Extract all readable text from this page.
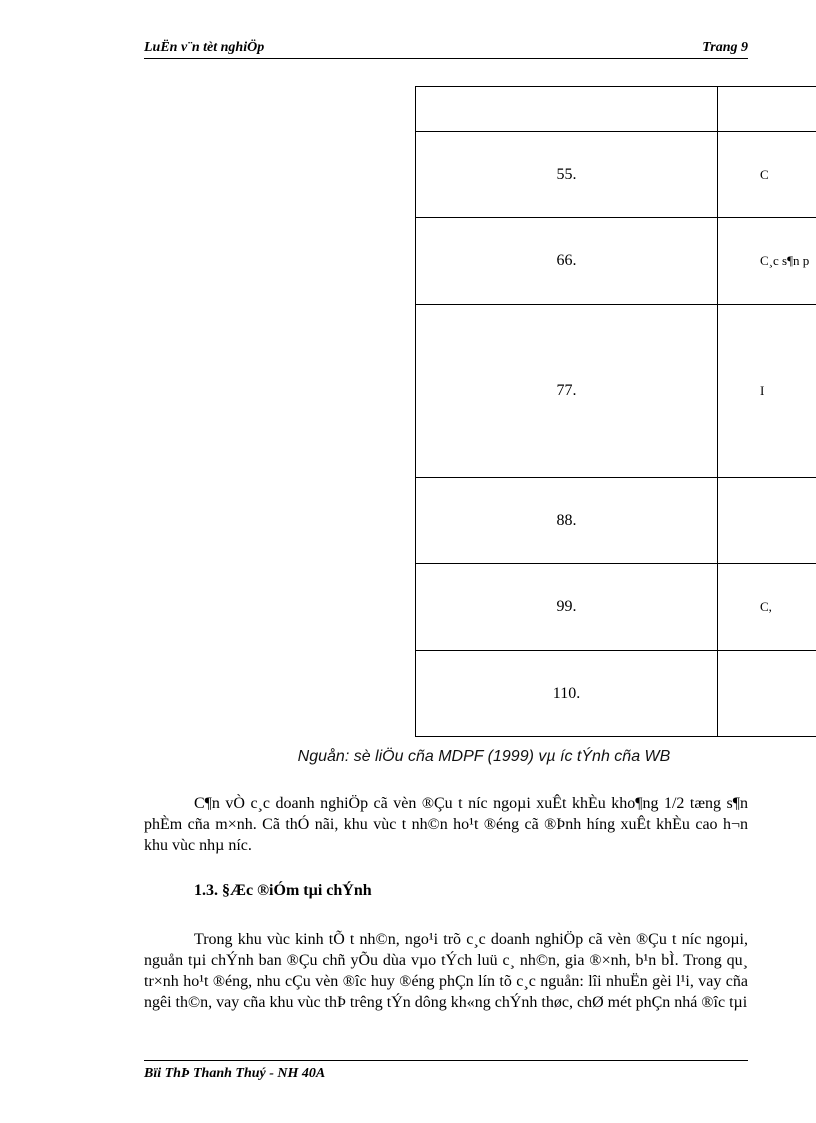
LuËn v¨n tèt nghiÖp	Trang 9

55.	C
66.	C¸c s¶n p
77.	I
88.	
99.	C,
110.	
Nguån: sè liÖu cña MDPF (1999) vµ íc tÝnh cña WB
C¶n vÒ c¸c doanh nghiÖp cã vèn ®Çu t níc ngoµi xuÊt khÈu kho¶ng 1/2 tæng s¶n phÈm cña m×nh. Cã thÓ nãi, khu vùc t nh©n ho¹t ®éng cã ®Þnh híng xuÊt khÈu cao h¬n khu vùc nhµ níc.
1.3. §Æc ®iÓm tµi chÝnh
Trong khu vùc kinh tÕ t nh©n, ngo¹i trõ c¸c doanh nghiÖp cã vèn ®Çu t níc ngoµi, nguån tµi chÝnh ban ®Çu chñ yÕu dùa vµo tÝch luü c¸ nh©n, gia ®×nh, b¹n bÌ. Trong qu¸ tr×nh ho¹t ®éng, nhu cÇu vèn ®îc huy ®éng phÇn lín tõ c¸c nguån: lîi nhuËn gèi l¹i, vay cña ngêi th©n, vay cña khu vùc thÞ trêng tÝn dông kh«ng chÝnh thøc, chØ mét phÇn nhá ®îc tµi
Bïi ThÞ Thanh Thuý - NH 40A
